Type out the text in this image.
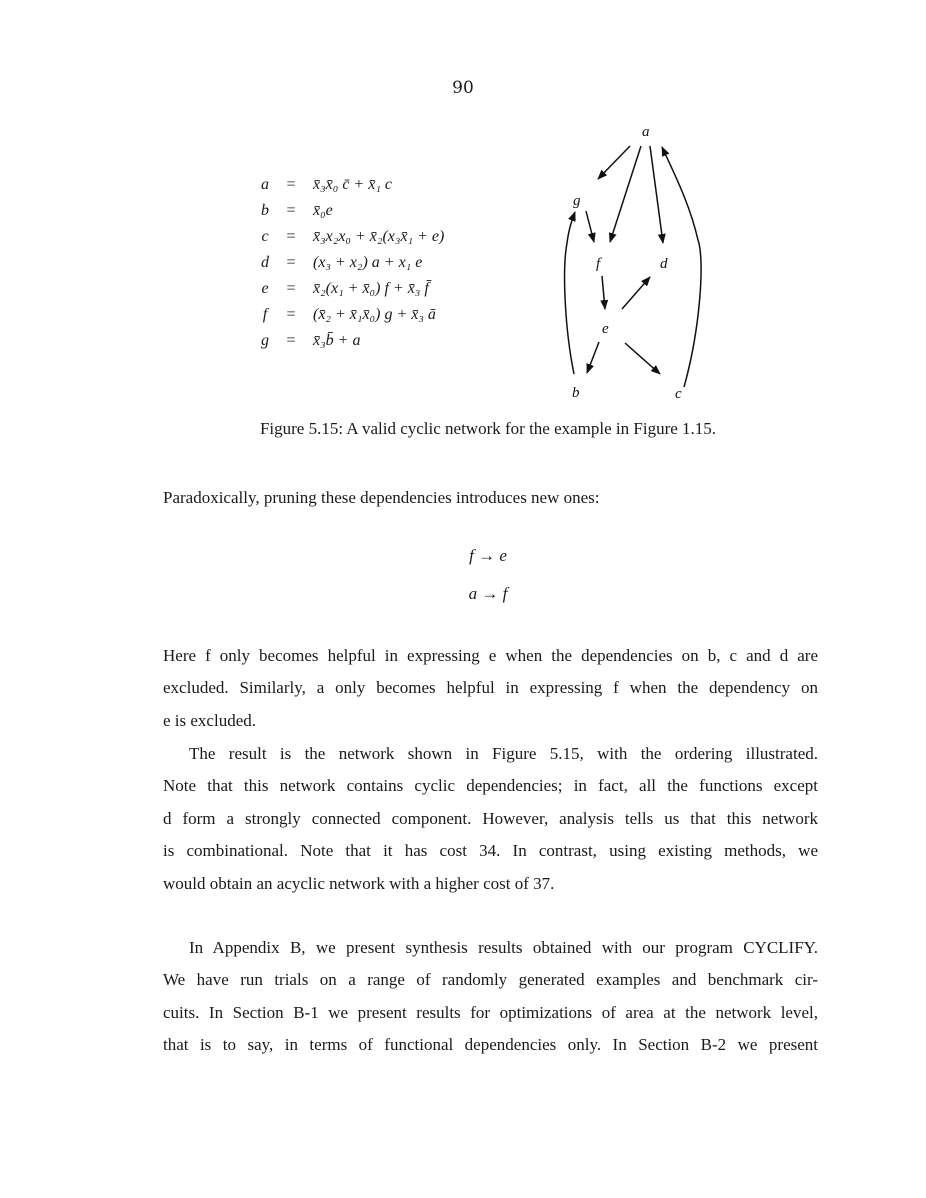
90
a	=	x̄₃x̄₀ c̄ + x̄₁ c
b	=	x̄₀e
c	=	x̄₃x₂x₀ + x̄₂(x₃x̄₁ + e)
d	=	(x₃ + x₂) a + x₁ e
e	=	x̄₂(x₁ + x̄₀) f + x̄₃ f̄
f	=	(x̄₂ + x̄₁x̄₀) g + x̄₃ ā
g	=	x̄₃b̄ + a
a
g
f	d
e
b	c
Figure 5.15: A valid cyclic network for the example in Figure 1.15.
Paradoxically, pruning these dependencies introduces new ones:
f → e
a → f
Here f only becomes helpful in expressing e when the dependencies on b, c and d are
excluded. Similarly, a only becomes helpful in expressing f when the dependency on
e is excluded.
The result is the network shown in Figure 5.15, with the ordering illustrated.
Note that this network contains cyclic dependencies; in fact, all the functions except
d form a strongly connected component. However, analysis tells us that this network
is combinational. Note that it has cost 34. In contrast, using existing methods, we
would obtain an acyclic network with a higher cost of 37.
In Appendix B, we present synthesis results obtained with our program CYCLIFY.
We have run trials on a range of randomly generated examples and benchmark cir-
cuits. In Section B-1 we present results for optimizations of area at the network level,
that is to say, in terms of functional dependencies only. In Section B-2 we present
